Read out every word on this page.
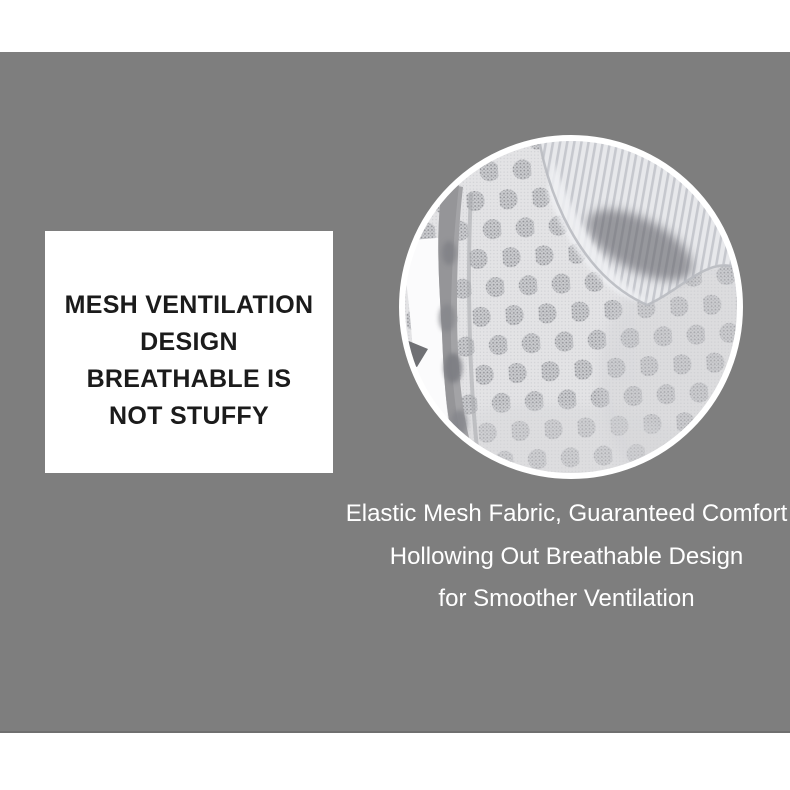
MESH VENTILATION
DESIGN
BREATHABLE IS
NOT STUFFY
Elastic Mesh Fabric, Guaranteed Comfort
Hollowing Out Breathable Design
for Smoother Ventilation
